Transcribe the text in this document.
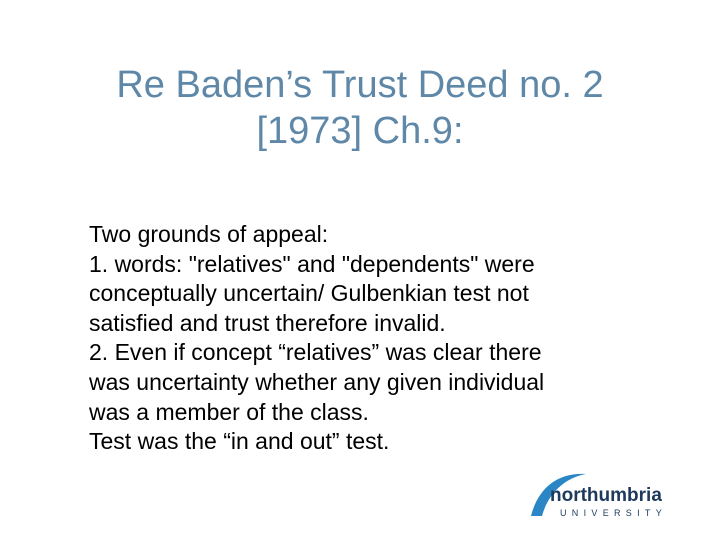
Re Baden’s Trust Deed no. 2
[1973] Ch.9:
Two grounds of appeal:
1. words: "relatives" and "dependents" were
conceptually uncertain/ Gulbenkian test not
satisfied and trust therefore invalid.
2. Even if concept “relatives” was clear there
was uncertainty whether any given individual
was a member of the class.
Test was the “in and out” test.
northumbria
UNIVERSITY
